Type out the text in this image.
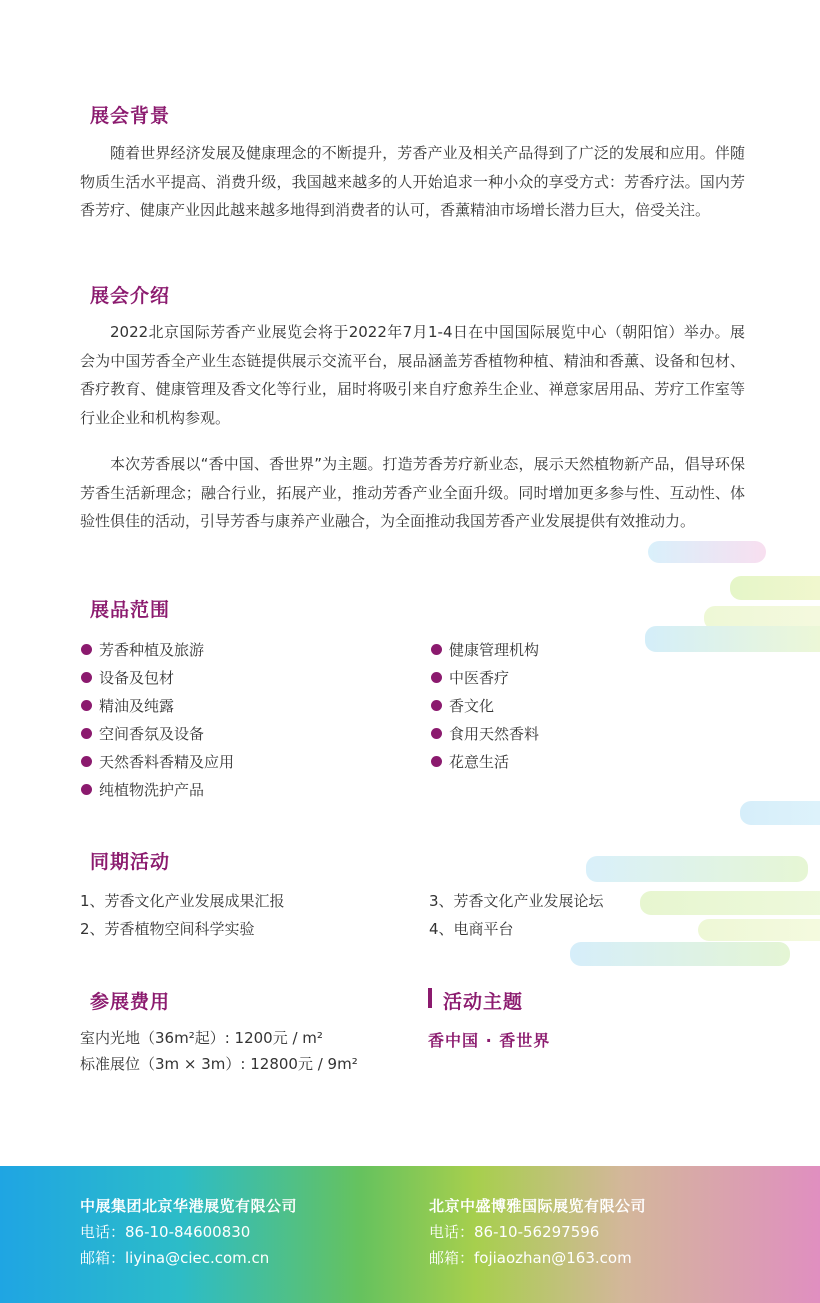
展会背景

随着世界经济发展及健康理念的不断提升，芳香产业及相关产品得到了广泛的发展和应用。伴随物质生活水平提高、消费升级，我国越来越多的人开始追求一种小众的享受方式：芳香疗法。国内芳香芳疗、健康产业因此越来越多地得到消费者的认可，香薰精油市场增长潜力巨大，倍受关注。

展会介绍

2022北京国际芳香产业展览会将于2022年7月1-4日在中国国际展览中心（朝阳馆）举办。展会为中国芳香全产业生态链提供展示交流平台，展品涵盖芳香植物种植、精油和香薰、设备和包材、香疗教育、健康管理及香文化等行业，届时将吸引来自疗愈养生企业、禅意家居用品、芳疗工作室等行业企业和机构参观。

本次芳香展以“香中国、香世界”为主题。打造芳香芳疗新业态，展示天然植物新产品，倡导环保芳香生活新理念；融合行业，拓展产业，推动芳香产业全面升级。同时增加更多参与性、互动性、体验性俱佳的活动，引导芳香与康养产业融合，为全面推动我国芳香产业发展提供有效推动力。

展品范围
芳香种植及旅游
设备及包材
精油及纯露
空间香氛及设备
天然香料香精及应用
纯植物洗护产品
健康管理机构
中医香疗
香文化
食用天然香料
花意生活
同期活动
1、芳香文化产业发展成果汇报
2、芳香植物空间科学实验
3、芳香文化产业发展论坛
4、电商平台
参展费用
室内光地（36m²起）: 1200元 / m²
标准展位（3m × 3m）: 12800元 / 9m²
活动主题
香中国 · 香世界
中展集团北京华港展览有限公司
电话：86-10-84600830
邮箱：liyina@ciec.com.cn
北京中盛博雅国际展览有限公司
电话：86-10-56297596
邮箱：fojiaozhan@163.com
